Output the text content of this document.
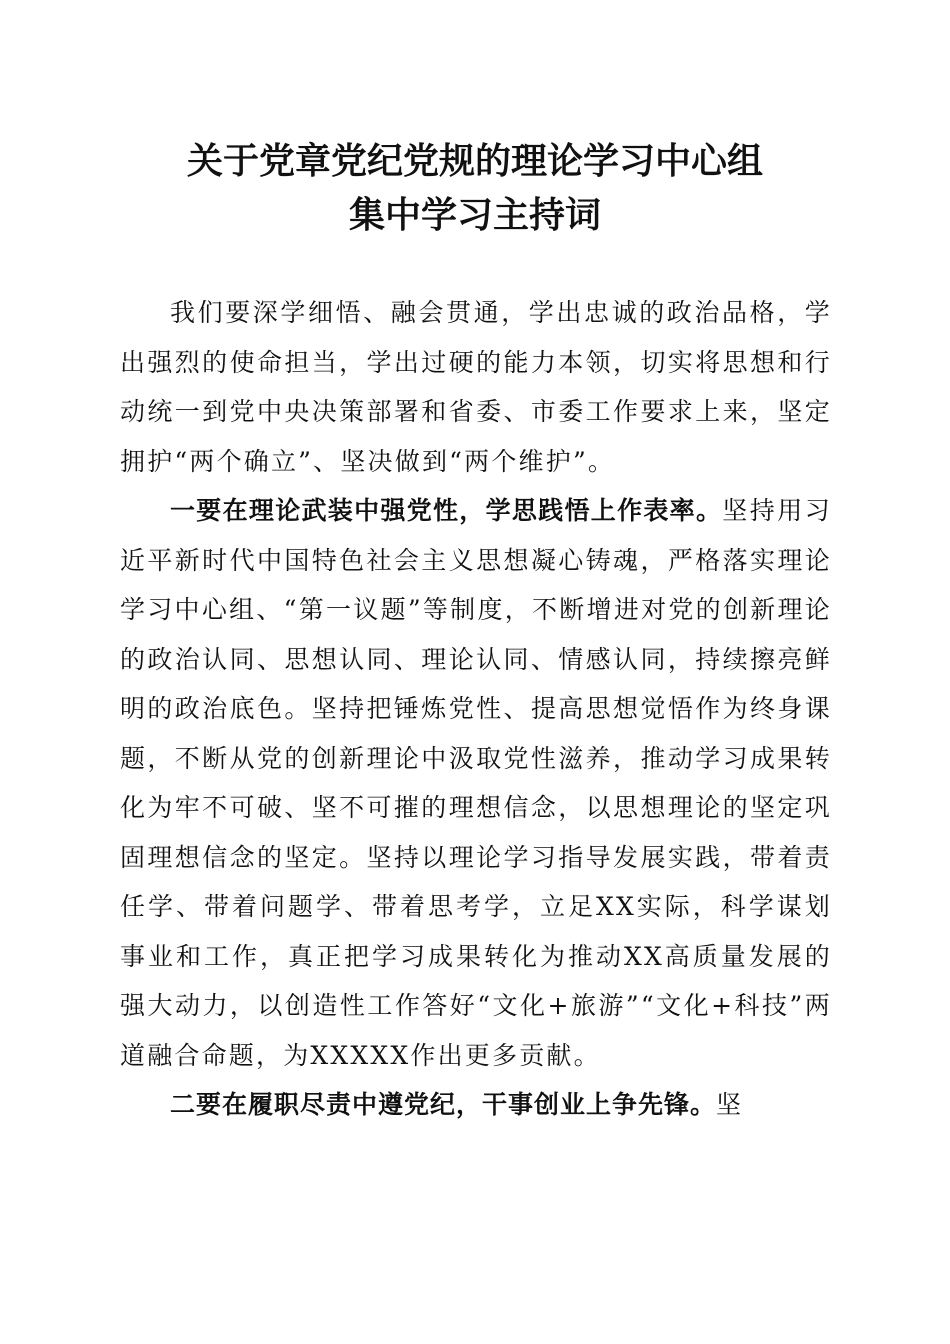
关于党章党纪党规的理论学习中心组
集中学习主持词

我们要深学细悟、融会贯通，学出忠诚的政治品格，学出强烈的使命担当，学出过硬的能力本领，切实将思想和行动统一到党中央决策部署和省委、市委工作要求上来，坚定拥护“两个确立”、坚决做到“两个维护”。

一要在理论武装中强党性，学思践悟上作表率。坚持用习近平新时代中国特色社会主义思想凝心铸魂，严格落实理论学习中心组、“第一议题”等制度，不断增进对党的创新理论的政治认同、思想认同、理论认同、情感认同，持续擦亮鲜明的政治底色。坚持把锤炼党性、提高思想觉悟作为终身课题，不断从党的创新理论中汲取党性滋养，推动学习成果转化为牢不可破、坚不可摧的理想信念，以思想理论的坚定巩固理想信念的坚定。坚持以理论学习指导发展实践，带着责任学、带着问题学、带着思考学，立足XX实际，科学谋划事业和工作，真正把学习成果转化为推动XX高质量发展的强大动力，以创造性工作答好“文化+旅游”“文化+科技”两道融合命题，为XXXXX作出更多贡献。

二要在履职尽责中遵党纪，干事创业上争先锋。坚
